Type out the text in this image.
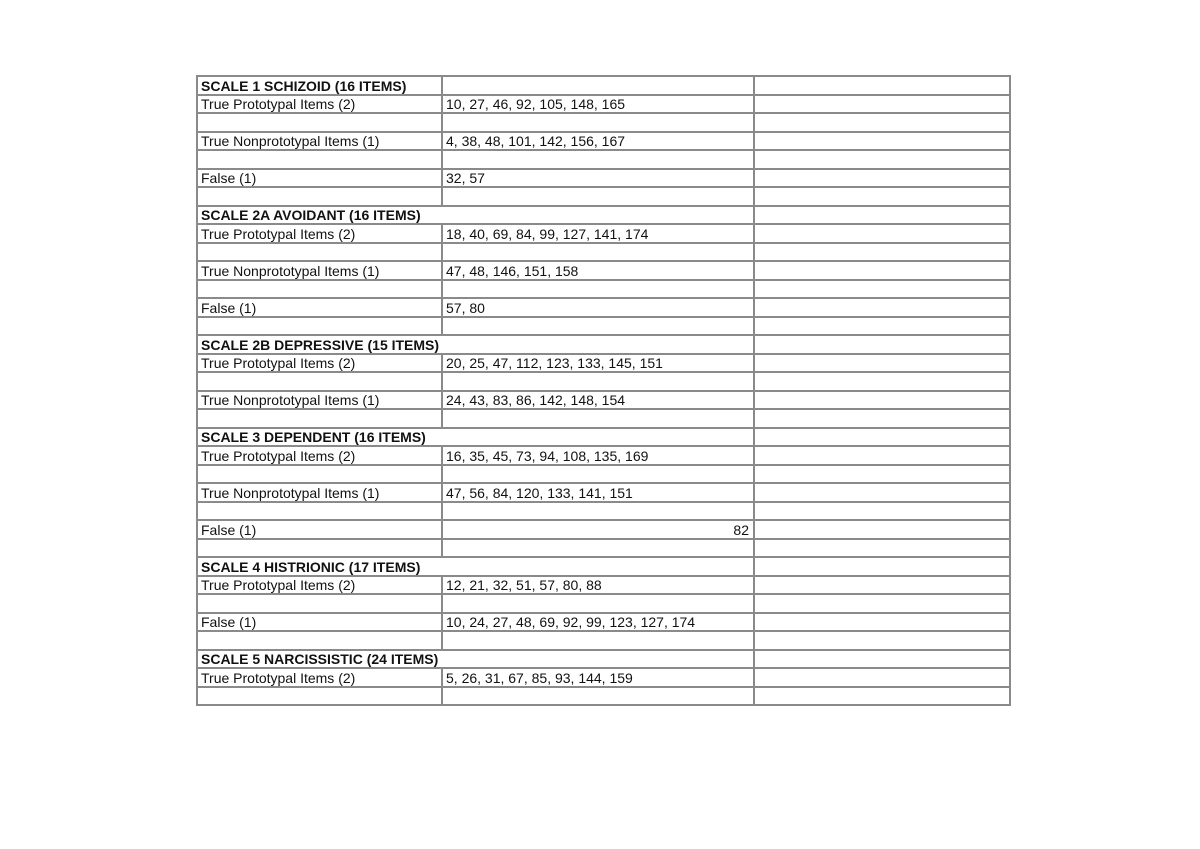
SCALE 1 SCHIZOID (16 ITEMS)		
True Prototypal Items (2)	10, 27, 46, 92, 105, 148, 165	

True Nonprototypal Items (1)	4, 38, 48, 101, 142, 156, 167	

False (1)	32, 57	

SCALE 2A AVOIDANT (16 ITEMS)		
True Prototypal Items (2)	18, 40, 69, 84, 99, 127, 141, 174	

True Nonprototypal Items (1)	47, 48, 146, 151, 158	

False (1)	57, 80	

SCALE 2B DEPRESSIVE (15 ITEMS)		
True Prototypal Items (2)	20, 25, 47, 112, 123, 133, 145, 151	

True Nonprototypal Items (1)	24, 43, 83, 86, 142, 148, 154	

SCALE 3 DEPENDENT (16 ITEMS)		
True Prototypal Items (2)	16, 35, 45, 73, 94, 108, 135, 169	

True Nonprototypal Items (1)	47, 56, 84, 120, 133, 141, 151	

False (1)	82	

SCALE 4 HISTRIONIC (17 ITEMS)		
True Prototypal Items (2)	12, 21, 32, 51, 57, 80, 88	

False (1)	10, 24, 27, 48, 69, 92, 99, 123, 127, 174	

SCALE 5 NARCISSISTIC (24 ITEMS)		
True Prototypal Items (2)	5, 26, 31, 67, 85, 93, 144, 159	
